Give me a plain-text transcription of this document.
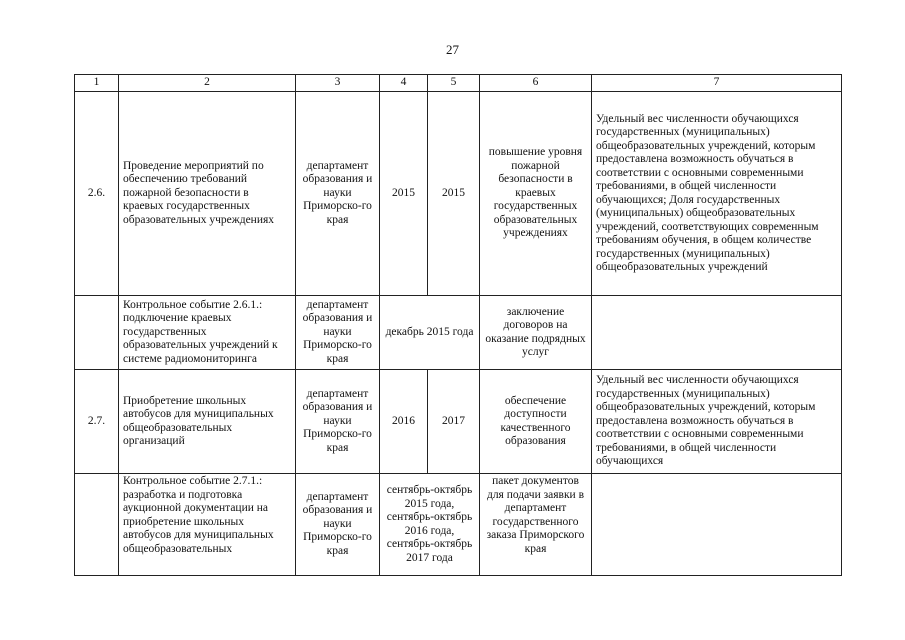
27
1	2	3	4	5	6	7
2.6.	Проведение мероприятий по обеспечению требований пожарной безопасности в краевых государственных образовательных учреждениях	департамент образования и науки Приморско-го края	2015	2015	повышение уровня пожарной безопасности в краевых государственных образовательных учреждениях	Удельный вес численности обучающихся государственных (муниципальных) общеобразовательных учреждений, которым предоставлена возможность обучаться в соответствии с основными современными требованиями, в общей численности обучающихся; Доля государственных (муниципальных) общеобразовательных учреждений, соответствующих современным требованиям обучения, в общем количестве государственных (муниципальных) общеобразовательных учреждений
	Контрольное событие 2.6.1.: подключение краевых государственных образовательных учреждений к системе радиомониторинга	департамент образования и науки Приморско-го края	декабрь 2015 года		заключение договоров на оказание подрядных услуг	
2.7.	Приобретение школьных автобусов для муниципальных общеобразовательных организаций	департамент образования и науки Приморско-го края	2016	2017	обеспечение доступности качественного образования	Удельный вес численности обучающихся государственных (муниципальных) общеобразовательных учреждений, которым предоставлена возможность обучаться в соответствии с основными современными требованиями, в общей численности обучающихся

	Контрольное событие 2.7.1.: разработка и подготовка аукционной документации на приобретение школьных автобусов для муниципальных общеобразовательных	департамент образования и науки Приморско-го края	сентябрь-октябрь 2015 года, сентябрь-октябрь 2016 года, сентябрь-октябрь 2017 года		пакет документов для подачи заявки в департамент государственного заказа Приморского края	
